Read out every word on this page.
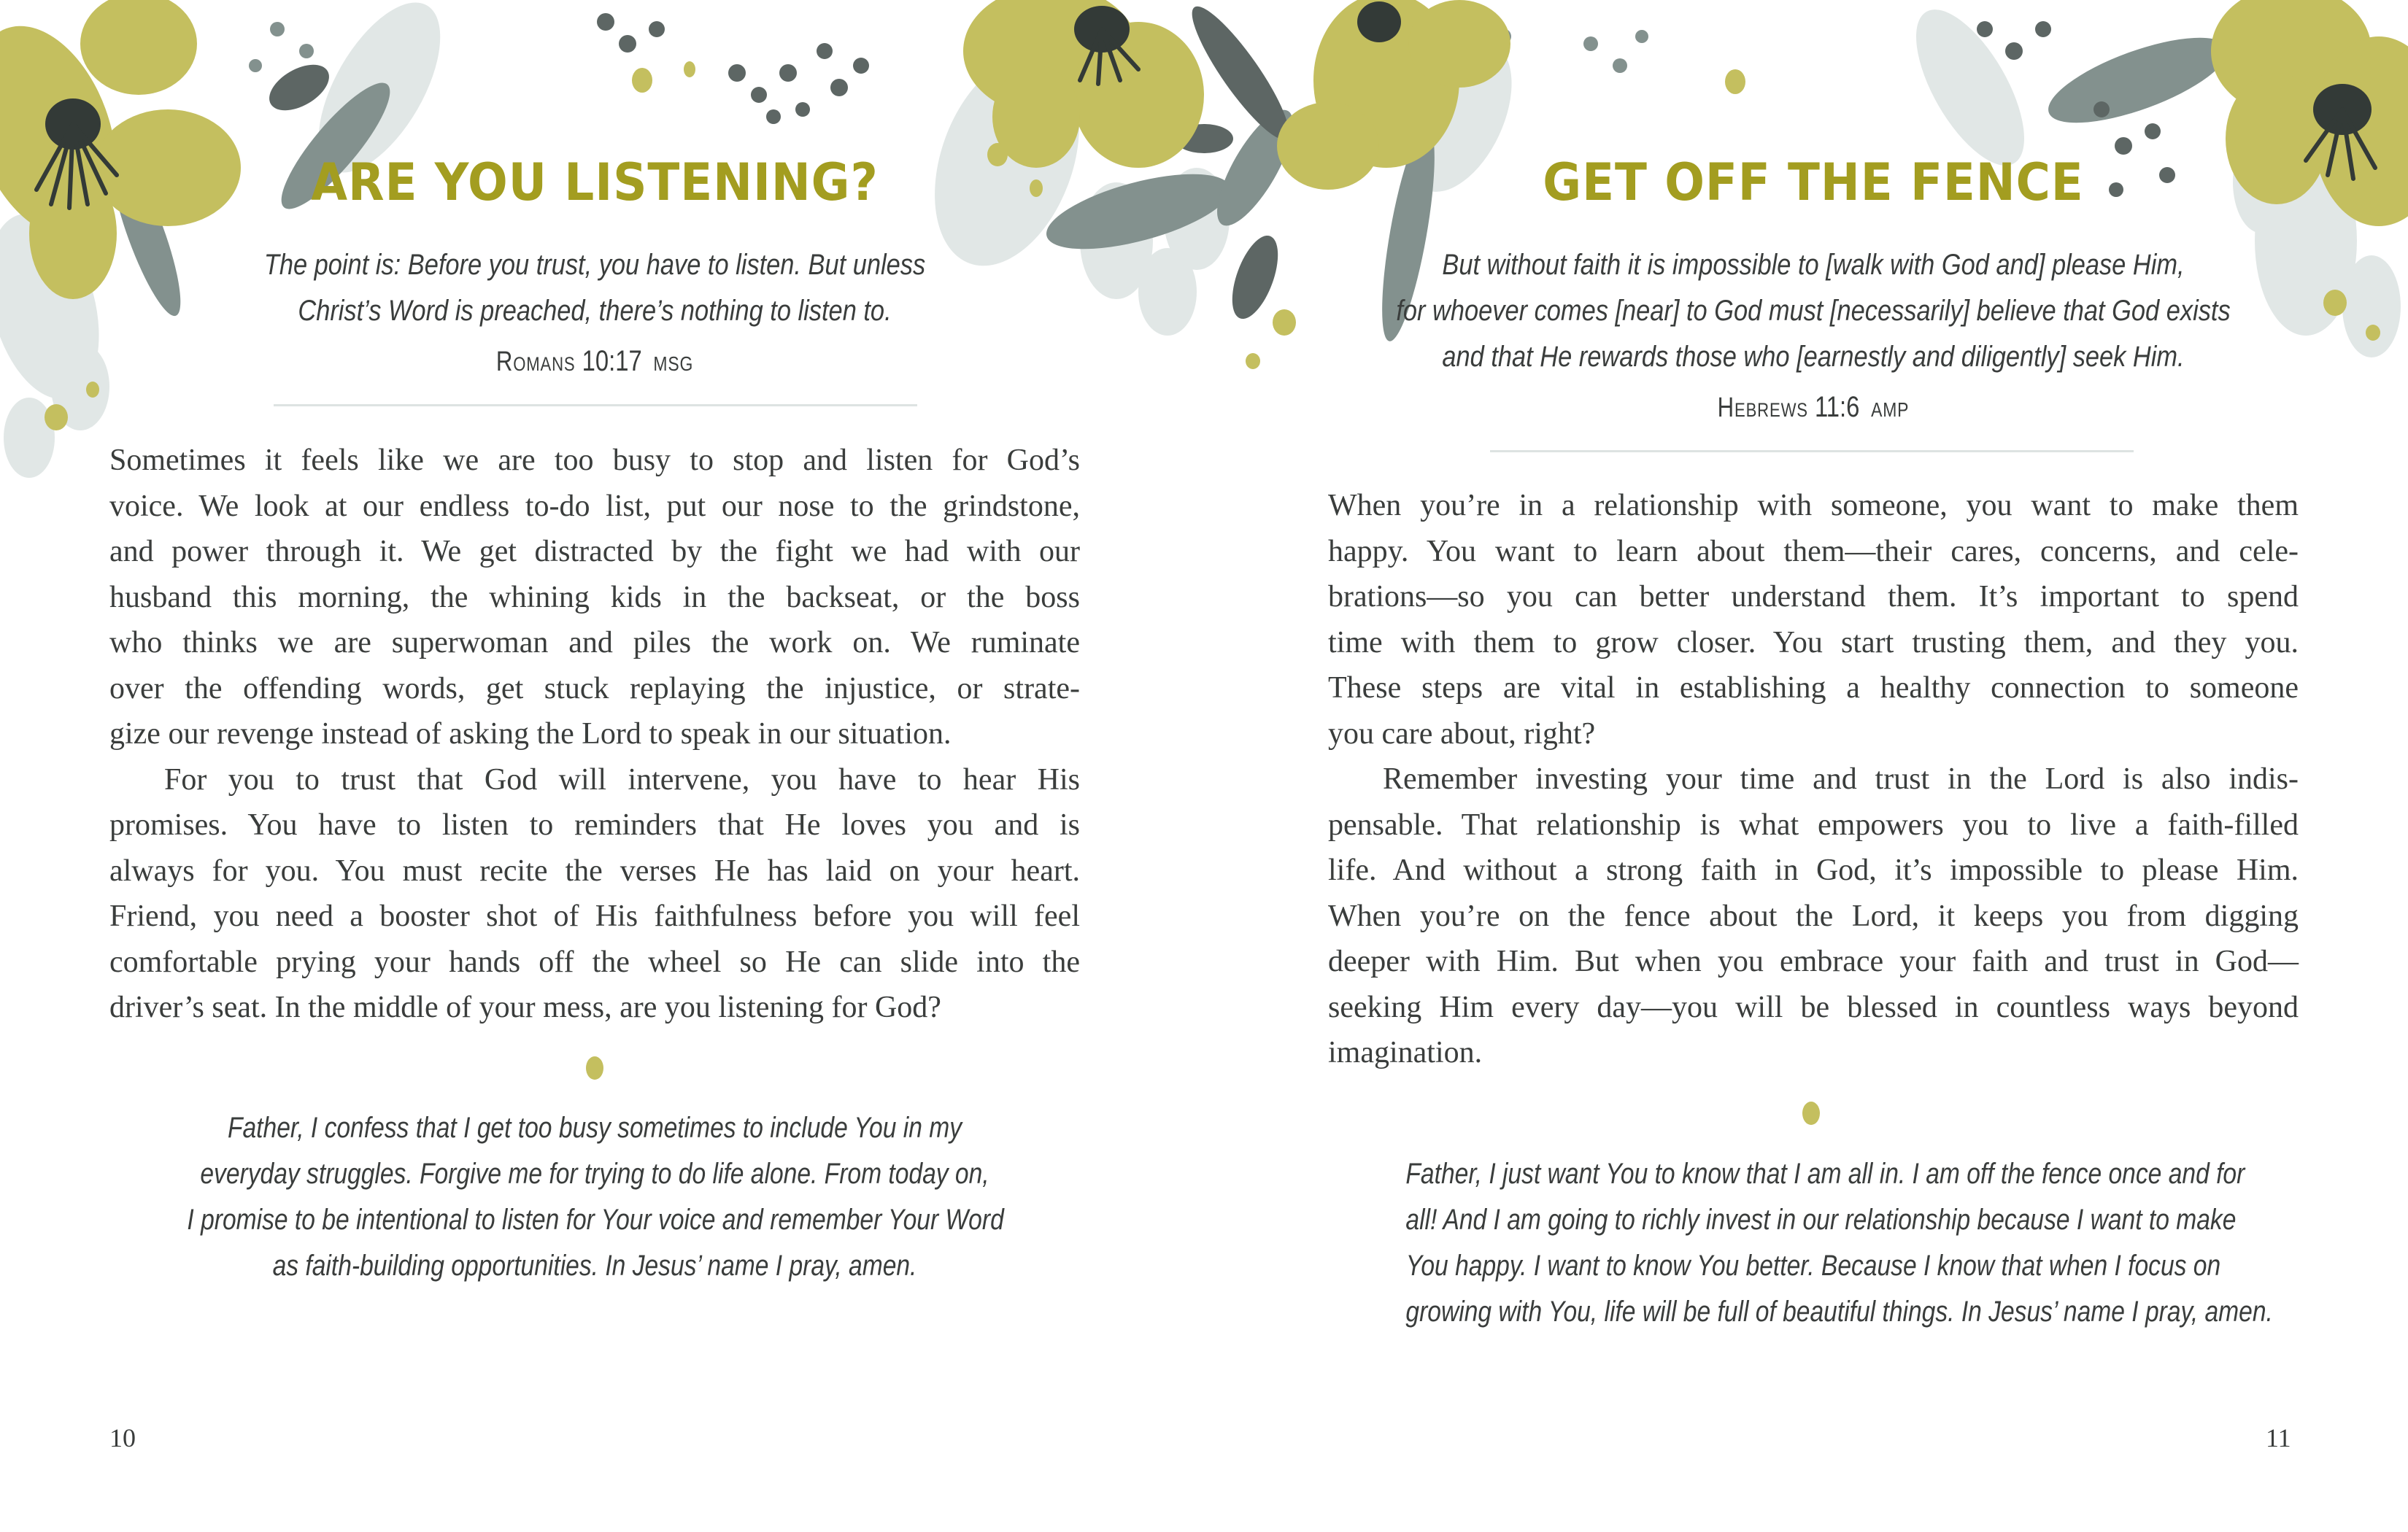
ARE YOU LISTENING?
The point is: Before you trust, you have to listen. But unless
Christ’s Word is preached, there’s nothing to listen to.
Romans 10:17 MSG
Sometimes it feels like we are too busy to stop and listen for God’s
voice. We look at our endless to-do list, put our nose to the grindstone,
and power through it. We get distracted by the fight we had with our
husband this morning, the whining kids in the backseat, or the boss
who thinks we are superwoman and piles the work on. We ruminate
over the offending words, get stuck replaying the injustice, or strate-
gize our revenge instead of asking the Lord to speak in our situation.
For you to trust that God will intervene, you have to hear His
promises. You have to listen to reminders that He loves you and is
always for you. You must recite the verses He has laid on your heart.
Friend, you need a booster shot of His faithfulness before you will feel
comfortable prying your hands off the wheel so He can slide into the
driver’s seat. In the middle of your mess, are you listening for God?
Father, I confess that I get too busy sometimes to include You in my
everyday struggles. Forgive me for trying to do life alone. From today on,
I promise to be intentional to listen for Your voice and remember Your Word
as faith-building opportunities. In Jesus’ name I pray, amen.
10
GET OFF THE FENCE
But without faith it is impossible to [walk with God and] please Him,
for whoever comes [near] to God must [necessarily] believe that God exists
and that He rewards those who [earnestly and diligently] seek Him.
Hebrews 11:6 AMP
When you’re in a relationship with someone, you want to make them
happy. You want to learn about them—their cares, concerns, and cele-
brations—so you can better understand them. It’s important to spend
time with them to grow closer. You start trusting them, and they you.
These steps are vital in establishing a healthy connection to someone
you care about, right?
Remember investing your time and trust in the Lord is also indis-
pensable. That relationship is what empowers you to live a faith-filled
life. And without a strong faith in God, it’s impossible to please Him.
When you’re on the fence about the Lord, it keeps you from digging
deeper with Him. But when you embrace your faith and trust in God—
seeking Him every day—you will be blessed in countless ways beyond
imagination.
Father, I just want You to know that I am all in. I am off the fence once and for
all! And I am going to richly invest in our relationship because I want to make
You happy. I want to know You better. Because I know that when I focus on
growing with You, life will be full of beautiful things. In Jesus’ name I pray, amen.
11
